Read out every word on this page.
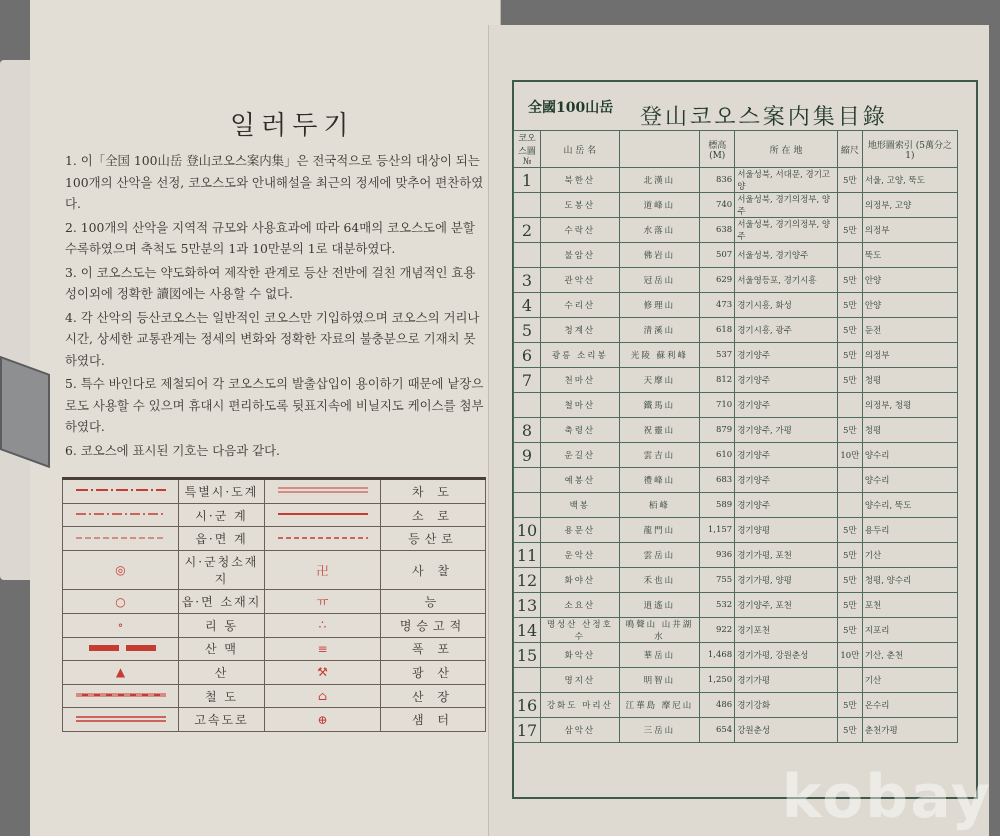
일러두기

1. 이「全国 100山岳 登山코오스案内集」은 전국적으로 등산의 대상이 되는 100개의 산악을 선정, 코오스도와 안내해설을 최근의 정세에 맞추어 편찬하였다.

2. 100개의 산악을 지역적 규모와 사용효과에 따라 64매의 코오스도에 분할 수록하였으며 축척도 5만분의 1과 10만분의 1로 대분하였다.

3. 이 코오스도는 약도화하여 제작한 관계로 등산 전반에 걸친 개념적인 효용성이외에 정확한 讀図에는 사용할 수 없다.

4. 각 산악의 등산코오스는 일반적인 코오스만 기입하였으며 코오스의 거리나 시간, 상세한 교통관계는 정세의 변화와 정확한 자료의 불충분으로 기재치 못하였다.

5. 특수 바인다로 제철되어 각 코오스도의 발출삽입이 용이하기 때문에 낱장으로도 사용할 수 있으며 휴대시 편리하도록 뒷표지속에 비닐지도 케이스를 첨부하였다.

6. 코오스에 표시된 기호는 다음과 같다.

	특별시·도계		차 도
	시·군 계		소 로
	읍·면 계		등산로
◎	시·군청소재지	卍	사 찰
○	읍·면 소재지	ㅠ	능
∘	리 동	∴	명승고적
	산 맥	≡	폭 포
▲	산	⚒	광 산
	철 도	⌂	산 장
	고속도로	⊕	샘 터
全國100山岳 登山코오스案内集目錄
코오스圖 №	山 岳 名		標高 (M)	所 在 地	縮尺	地形圖索引 (5萬分之1)
1	북한산	北漢山	836	서울성북, 서대문, 경기고양	5만	서울, 고양, 뚝도
	도봉산	道峰山	740	서울성북, 경기의정부, 양주		의정부, 고양
2	수락산	水落山	638	서울성북, 경기의정부, 양주	5만	의정부
	불암산	佛岩山	507	서울성북, 경기양주		뚝도
3	관악산	冠岳山	629	서울영등포, 경기시흥	5만	안양
4	수리산	修理山	473	경기시흥, 화성	5만	안양
5	청계산	清溪山	618	경기시흥, 광주	5만	둔전
6	광릉 소리봉	光陵 蘇利峰	537	경기양주	5만	의정부
7	천마산	天摩山	812	경기양주	5만	청평
	철마산	鐵馬山	710	경기양주		의정부, 청평
8	축령산	祝靈山	879	경기양주, 가평	5만	청평
9	운길산	雲吉山	610	경기양주	10만	양수리
	예봉산	禮峰山	683	경기양주		양수리
	백봉	栢峰	589	경기양주		양수리, 뚝도
10	용문산	龍門山	1,157	경기양평	5만	용두리
11	운악산	雲岳山	936	경기가평, 포천	5만	기산
12	화야산	禾也山	755	경기가평, 양평	5만	청평, 양수리
13	소요산	逍遙山	532	경기양주, 포천	5만	포천
14	명성산 산정호수	鳴聲山 山井湖水	922	경기포천	5만	지포리
15	화악산	華岳山	1,468	경기가평, 강원춘성	10만	기산, 춘천
	명지산	明智山	1,250	경기가평		기산
16	강화도 마리산	江華島 摩尼山	486	경기강화	5만	온수리
17	삼악산	三岳山	654	강원춘성	5만	춘천가평
kobay
